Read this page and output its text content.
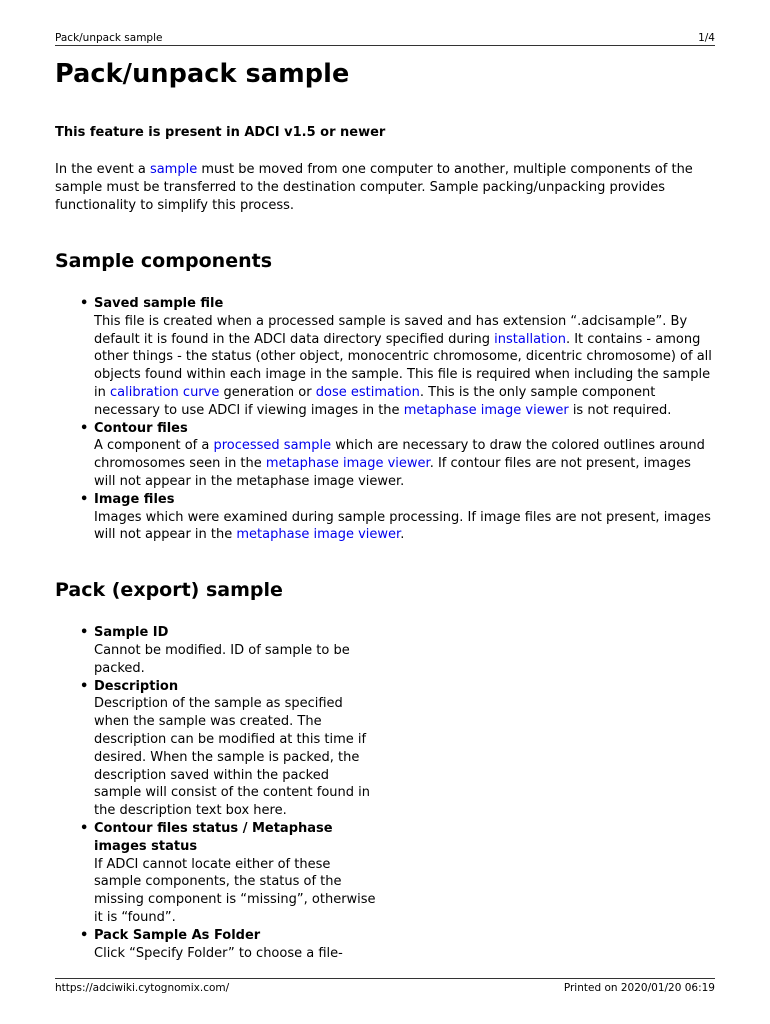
Pack/unpack sample	1/4
Pack/unpack sample

This feature is present in ADCI v1.5 or newer

In the event a sample must be moved from one computer to another, multiple components of the sample must be transferred to the destination computer. Sample packing/unpacking provides functionality to simplify this process.

Sample components
• Saved sample file
This file is created when a processed sample is saved and has extension “.adcisample”. By default it is found in the ADCI data directory specified during installation. It contains - among other things - the status (other object, monocentric chromosome, dicentric chromosome) of all objects found within each image in the sample. This file is required when including the sample in calibration curve generation or dose estimation. This is the only sample component necessary to use ADCI if viewing images in the metaphase image viewer is not required.
• Contour files
A component of a processed sample which are necessary to draw the colored outlines around chromosomes seen in the metaphase image viewer. If contour files are not present, images will not appear in the metaphase image viewer.
• Image files
Images which were examined during sample processing. If image files are not present, images will not appear in the metaphase image viewer.
Pack (export) sample
• Sample ID
Cannot be modified. ID of sample to be packed.
• Description
Description of the sample as specified when the sample was created. The description can be modified at this time if desired. When the sample is packed, the description saved within the packed sample will consist of the content found in the description text box here.
• Contour files status / Metaphase images status
If ADCI cannot locate either of these sample components, the status of the missing component is “missing”, otherwise it is “found”.
• Pack Sample As Folder
Click “Specify Folder” to choose a file-
https://adciwiki.cytognomix.com/	Printed on 2020/01/20 06:19
